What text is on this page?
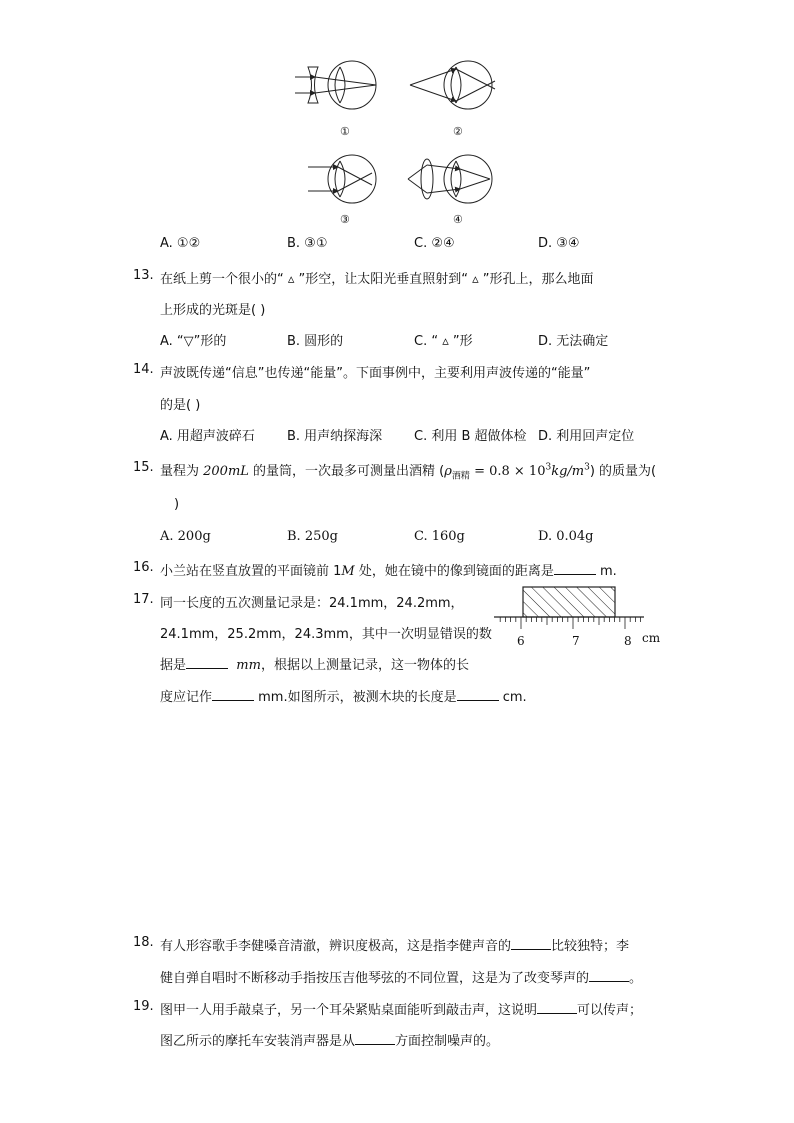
①	②
③	④
A. ①②	B. ③①	C. ②④	D. ③④
13. 在纸上剪一个很小的“ ▵ ”形空，让太阳光垂直照射到“ ▵ ”形孔上，那么地面
上形成的光斑是( )
A. “▽”形的	B. 圆形的	C. “ ▵ ”形	D. 无法确定
14. 声波既传递“信息”也传递“能量”。下面事例中，主要利用声波传递的“能量”
的是( )
A. 用超声波碎石 B. 用声纳探海深 C. 利用 B 超做体检 D. 利用回声定位
15. 量程为 200mL 的量筒，一次最多可测量出酒精 $(\rho_{酒精} = 0.8 \times 10^3kg/m^3)$ 的质量为(
)
A. 200g	B. 250g	C. 160g	D. 0.04g
16. 小兰站在竖直放置的平面镜前 1M 处，她在镜中的像到镜面的距离是	m.
17. 同一长度的五次测量记录是：24.1mm，24.2mm，
24.1mm，25.2mm，24.3mm，其中一次明显错误的数
据是	mm，根据以上测量记录，这一物体的长
度应记作	mm.如图所示，被测木块的长度是	cm.
6	7	8 cm
18. 有人形容歌手李健嗓音清澈，辨识度极高，这是指李健声音的	比较独特；李
健自弹自唱时不断移动手指按压吉他琴弦的不同位置，这是为了改变琴声的	。
19. 图甲一人用手敲桌子，另一个耳朵紧贴桌面能听到敲击声，这说明	可以传声；
图乙所示的摩托车安装消声器是从	方面控制噪声的。
